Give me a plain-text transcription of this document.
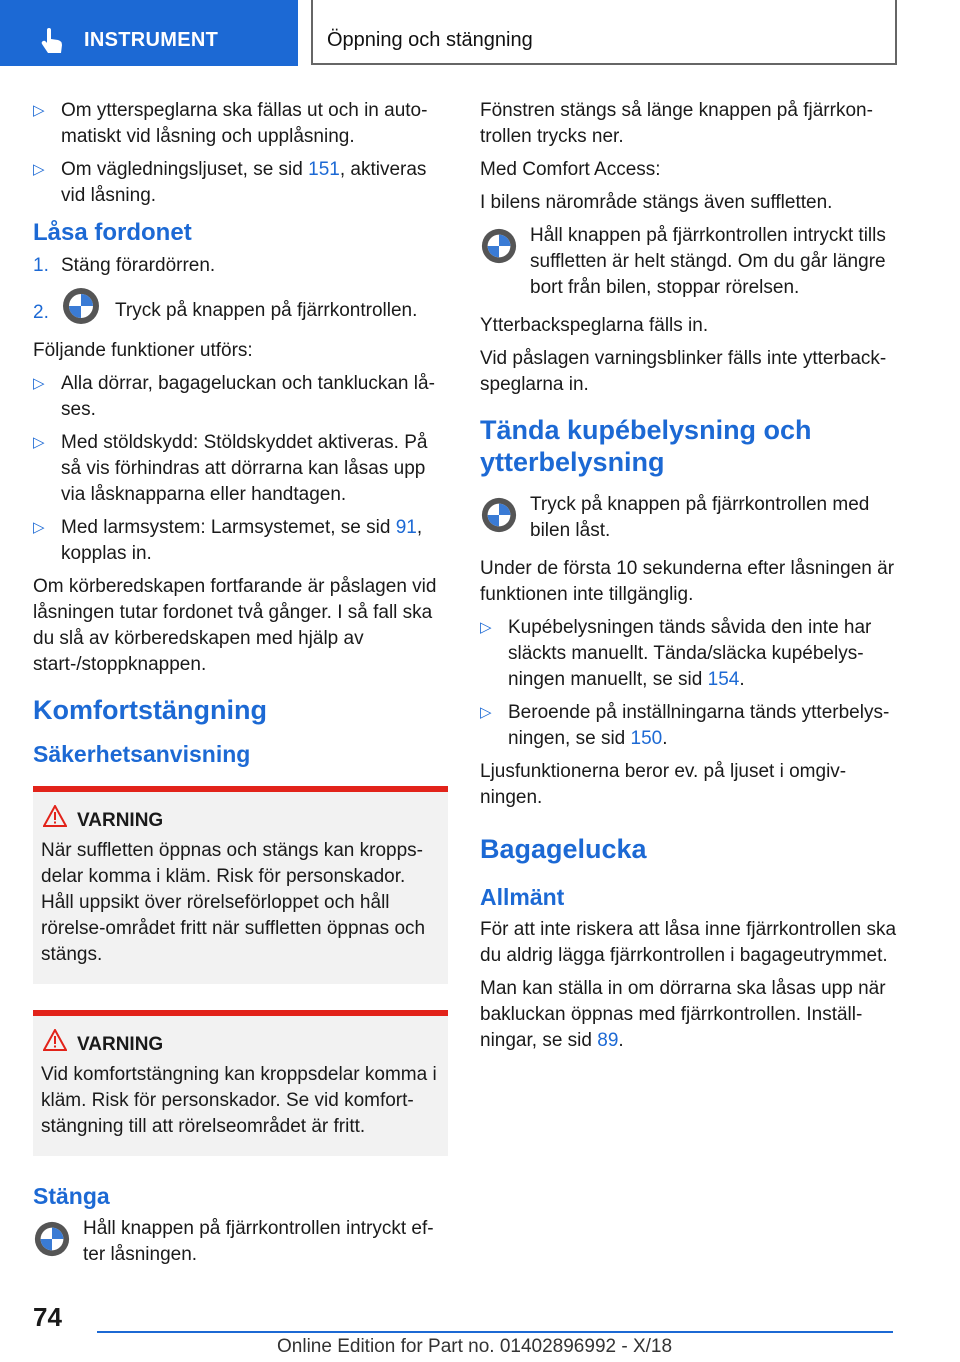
INSTRUMENT	Öppning och stängning
▷ Om ytterspeglarna ska fällas ut och in auto-matiskt vid låsning och upplåsning.
▷ Om vägledningsljuset, se sid 151, aktiveras vid låsning.
Låsa fordonet
1. Stäng förardörren.
2.	Tryck på knappen på fjärrkontrollen.

Följande funktioner utförs:

▷ Alla dörrar, bagageluckan och tankluckan lå-ses.
▷ Med stöldskydd: Stöldskyddet aktiveras. På så vis förhindras att dörrarna kan låsas upp via låsknapparna eller handtagen.
▷ Med larmsystem: Larmsystemet, se sid 91, kopplas in.

Om körberedskapen fortfarande är påslagen vid låsningen tutar fordonet två gånger. I så fall ska du slå av körberedskapen med hjälp av start-/stoppknappen.

Komfortstängning
Säkerhetsanvisning
VARNING
När suffletten öppnas och stängs kan kropps-delar komma i kläm. Risk för personskador. Håll uppsikt över rörelseförloppet och håll rörelse-området fritt när suffletten öppnas och stängs.
VARNING
Vid komfortstängning kan kroppsdelar komma i kläm. Risk för personskador. Se vid komfort-stängning till att rörelseområdet är fritt.
Stänga
Håll knappen på fjärrkontrollen intryckt ef-ter låsningen.

Fönstren stängs så länge knappen på fjärrkon-trollen trycks ner.

Med Comfort Access:

I bilens närområde stängs även suffletten.

Håll knappen på fjärrkontrollen intryckt tills suffletten är helt stängd. Om du går längre bort från bilen, stoppar rörelsen.

Ytterbackspeglarna fälls in.

Vid påslagen varningsblinker fälls inte ytterback-speglarna in.

Tända kupébelysning och ytterbelysning
Tryck på knappen på fjärrkontrollen med bilen låst.

Under de första 10 sekunderna efter låsningen är funktionen inte tillgänglig.

▷ Kupébelysningen tänds såvida den inte har släckts manuellt. Tända/släcka kupébelys-ningen manuellt, se sid 154.
▷ Beroende på inställningarna tänds ytterbelys-ningen, se sid 150.

Ljusfunktionerna beror ev. på ljuset i omgiv-ningen.

Bagagelucka
Allmänt

För att inte riskera att låsa inne fjärrkontrollen ska du aldrig lägga fjärrkontrollen i bagageutrymmet.

Man kan ställa in om dörrarna ska låsas upp när bakluckan öppnas med fjärrkontrollen. Inställ-ningar, se sid 89.

74
Online Edition for Part no. 01402896992 - X/18
